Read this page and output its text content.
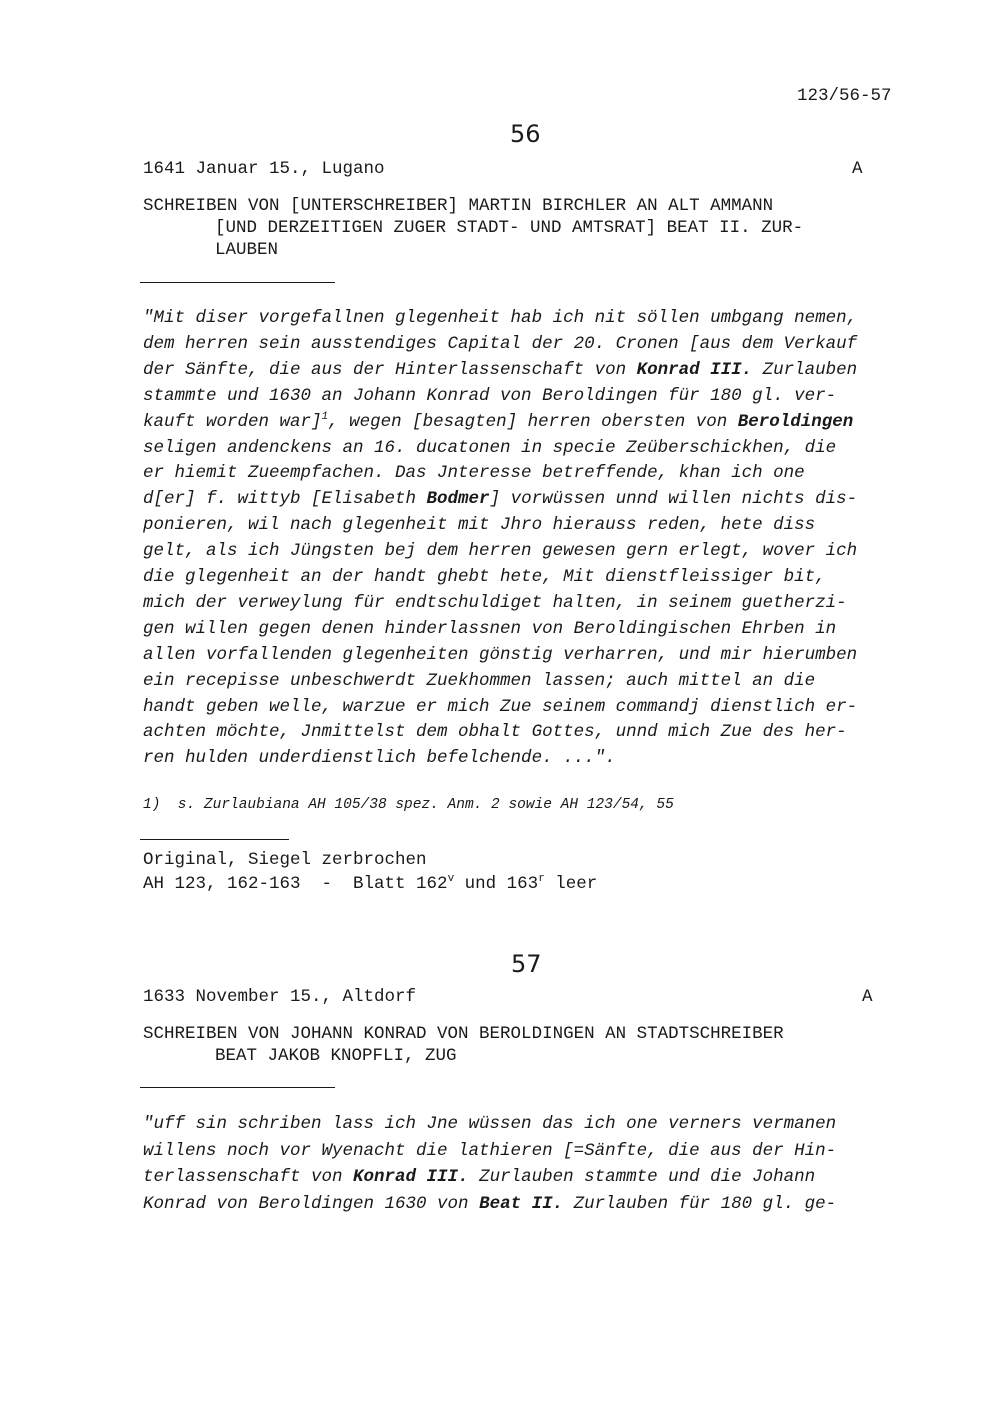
123/56-57
56
1641 Januar 15., Lugano	A
SCHREIBEN VON [UNTERSCHREIBER] MARTIN BIRCHLER AN ALT AMMANN
[UND DERZEITIGEN ZUGER STADT- UND AMTSRAT] BEAT II. ZUR-
LAUBEN
"Mit diser vorgefallnen glegenheit hab ich nit söllen umbgang nemen,
dem herren sein ausstendiges Capital der 20. Cronen [aus dem Verkauf
der Sänfte, die aus der Hinterlassenschaft von Konrad III. Zurlauben
stammte und 1630 an Johann Konrad von Beroldingen für 180 gl. ver-
kauft worden war]$^1$, wegen [besagten] herren obersten von Beroldingen
seligen andenckens an 16. ducatonen in specie Zeüberschickhen, die
er hiemit Zueempfachen. Das Jnteresse betreffende, khan ich one
d[er] f. wittyb [Elisabeth Bodmer] vorwüssen unnd willen nichts dis-
ponieren, wil nach glegenheit mit Jhro hierauss reden, hete diss
gelt, als ich Jüngsten bej dem herren gewesen gern erlegt, wover ich
die glegenheit an der handt ghebt hete, Mit dienstfleissiger bit,
mich der verweylung für endtschuldiget halten, in seinem guetherzi-
gen willen gegen denen hinderlassnen von Beroldingischen Ehrben in
allen vorfallenden glegenheiten gönstig verharren, und mir hierumben
ein recepisse unbeschwerdt Zuekhommen lassen; auch mittel an die
handt geben welle, warzue er mich Zue seinem commandj dienstlich er-
achten möchte, Jnmittelst dem obhalt Gottes, unnd mich Zue des her-
ren hulden underdienstlich befelchende. ...".
1)  s. Zurlaubiana AH 105/38 spez. Anm. 2 sowie AH 123/54, 55
Original, Siegel zerbrochen
AH 123, 162-163  -  Blatt 162$^v$ und 163$^r$ leer
57
1633 November 15., Altdorf	A
SCHREIBEN VON JOHANN KONRAD VON BEROLDINGEN AN STADTSCHREIBER
BEAT JAKOB KNOPFLI, ZUG
"uff sin schriben lass ich Jne wüssen das ich one verners vermanen
willens noch vor Wyenacht die lathieren [=Sänfte, die aus der Hin-
terlassenschaft von Konrad III. Zurlauben stammte und die Johann
Konrad von Beroldingen 1630 von Beat II. Zurlauben für 180 gl. ge-
